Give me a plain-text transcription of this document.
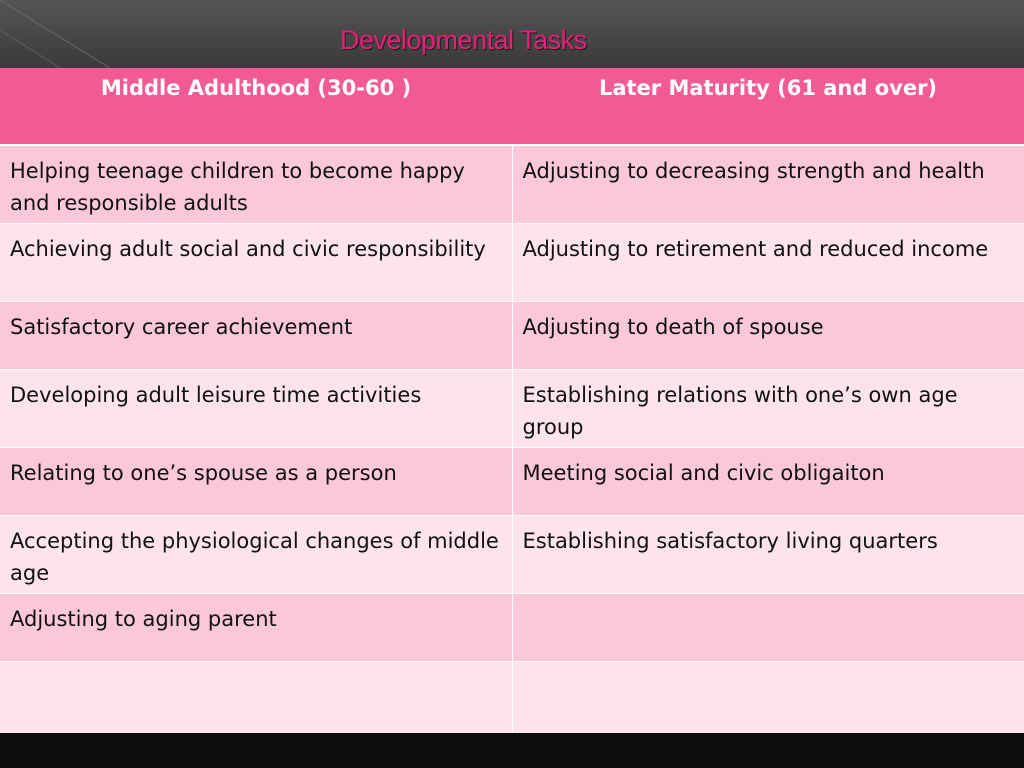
Developmental Tasks
Middle Adulthood (30-60 )	Later Maturity (61 and over)
Helping teenage children to become happy and responsible adults	Adjusting to decreasing strength and health
Achieving adult social and civic responsibility	Adjusting to retirement and reduced income
Satisfactory career achievement	Adjusting to death of spouse
Developing adult leisure time activities	Establishing relations with one’s own age group
Relating to one’s spouse as a person	Meeting social and civic obligaiton
Accepting the physiological changes of middle age	Establishing satisfactory living quarters
Adjusting to aging parent	
